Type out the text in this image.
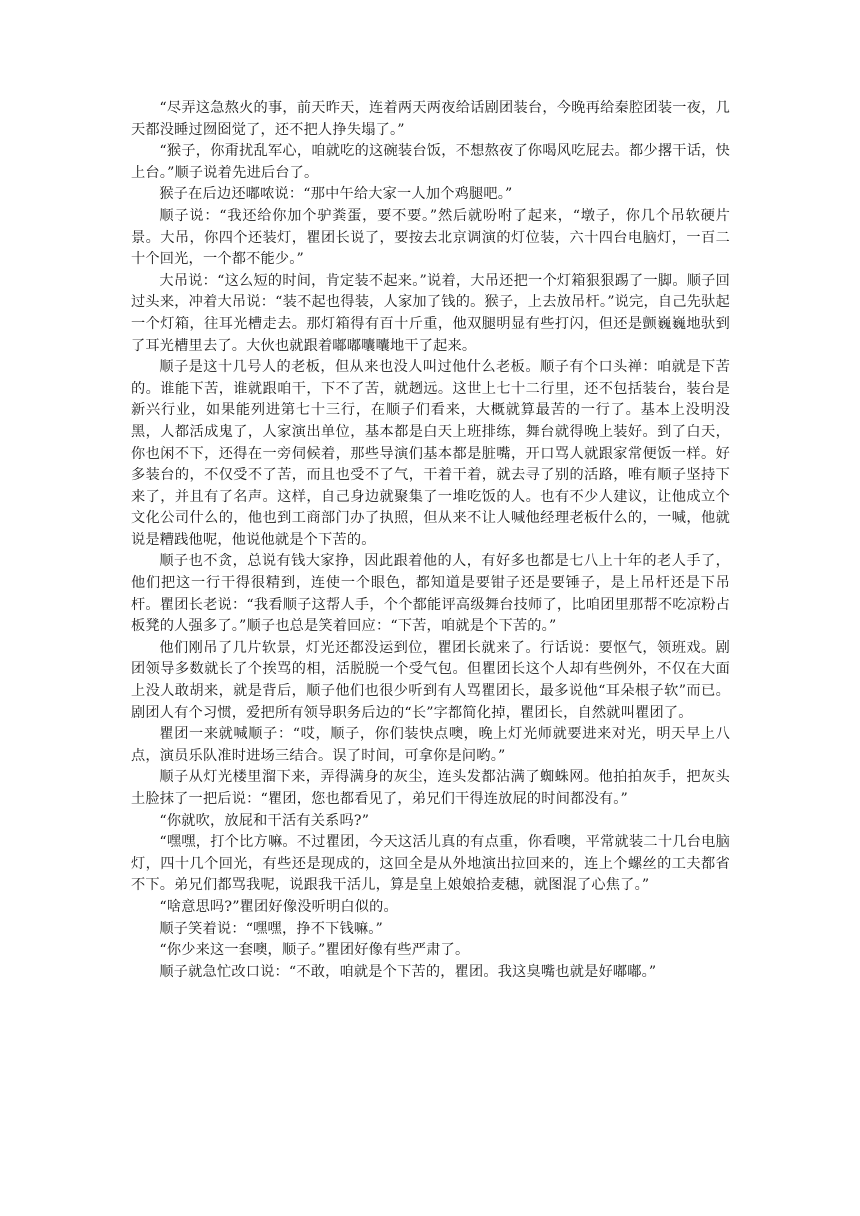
“尽弄这急熬火的事，前天昨天，连着两天两夜给话剧团装台，今晚再给秦腔团装一夜，几天都没睡过囫囵觉了，还不把人挣失塌了。”

“猴子，你甭扰乱军心，咱就吃的这碗装台饭，不想熬夜了你喝风吃屁去。都少撂干话，快上台。”顺子说着先进后台了。

猴子在后边还嘟哝说：“那中午给大家一人加个鸡腿吧。”

顺子说：“我还给你加个驴粪蛋，要不要。”然后就吩咐了起来，“墩子，你几个吊软硬片景。大吊，你四个还装灯，瞿团长说了，要按去北京调演的灯位装，六十四台电脑灯，一百二十个回光，一个都不能少。”

大吊说：“这么短的时间，肯定装不起来。”说着，大吊还把一个灯箱狠狠踢了一脚。顺子回过头来，冲着大吊说：“装不起也得装，人家加了钱的。猴子，上去放吊杆。”说完，自己先驮起一个灯箱，往耳光槽走去。那灯箱得有百十斤重，他双腿明显有些打闪，但还是颤巍巍地驮到了耳光槽里去了。大伙也就跟着嘟嘟囔囔地干了起来。

顺子是这十几号人的老板，但从来也没人叫过他什么老板。顺子有个口头禅：咱就是下苦的。谁能下苦，谁就跟咱干，下不了苦，就趔远。这世上七十二行里，还不包括装台，装台是新兴行业，如果能列进第七十三行，在顺子们看来，大概就算最苦的一行了。基本上没明没黑，人都活成鬼了，人家演出单位，基本都是白天上班排练，舞台就得晚上装好。到了白天，你也闲不下，还得在一旁伺候着，那些导演们基本都是脏嘴，开口骂人就跟家常便饭一样。好多装台的，不仅受不了苦，而且也受不了气，干着干着，就去寻了别的活路，唯有顺子坚持下来了，并且有了名声。这样，自己身边就聚集了一堆吃饭的人。也有不少人建议，让他成立个文化公司什么的，他也到工商部门办了执照，但从来不让人喊他经理老板什么的，一喊，他就说是糟践他呢，他说他就是个下苦的。

顺子也不贪，总说有钱大家挣，因此跟着他的人，有好多也都是七八上十年的老人手了，他们把这一行干得很精到，连使一个眼色，都知道是要钳子还是要锤子，是上吊杆还是下吊杆。瞿团长老说：“我看顺子这帮人手，个个都能评高级舞台技师了，比咱团里那帮不吃凉粉占板凳的人强多了。”顺子也总是笑着回应：“下苦，咱就是个下苦的。”

他们刚吊了几片软景，灯光还都没运到位，瞿团长就来了。行话说：要怄气，领班戏。剧团领导多数就长了个挨骂的相，活脱脱一个受气包。但瞿团长这个人却有些例外，不仅在大面上没人敢胡来，就是背后，顺子他们也很少听到有人骂瞿团长，最多说他“耳朵根子软”而已。剧团人有个习惯，爱把所有领导职务后边的“长”字都简化掉，瞿团长，自然就叫瞿团了。

瞿团一来就喊顺子：“哎，顺子，你们装快点噢，晚上灯光师就要进来对光，明天早上八点，演员乐队准时进场三结合。误了时间，可拿你是问哟。”

顺子从灯光楼里溜下来，弄得满身的灰尘，连头发都沾满了蜘蛛网。他拍拍灰手，把灰头土脸抹了一把后说：“瞿团，您也都看见了，弟兄们干得连放屁的时间都没有。”

“你就吹，放屁和干活有关系吗?”

“嘿嘿，打个比方嘛。不过瞿团，今天这活儿真的有点重，你看噢，平常就装二十几台电脑灯，四十几个回光，有些还是现成的，这回全是从外地演出拉回来的，连上个螺丝的工夫都省不下。弟兄们都骂我呢，说跟我干活儿，算是皇上娘娘拾麦穗，就图混了心焦了。”

“啥意思吗?”瞿团好像没听明白似的。

顺子笑着说：“嘿嘿，挣不下钱嘛。”

“你少来这一套噢，顺子。”瞿团好像有些严肃了。

顺子就急忙改口说：“不敢，咱就是个下苦的，瞿团。我这臭嘴也就是好嘟嘟。”
